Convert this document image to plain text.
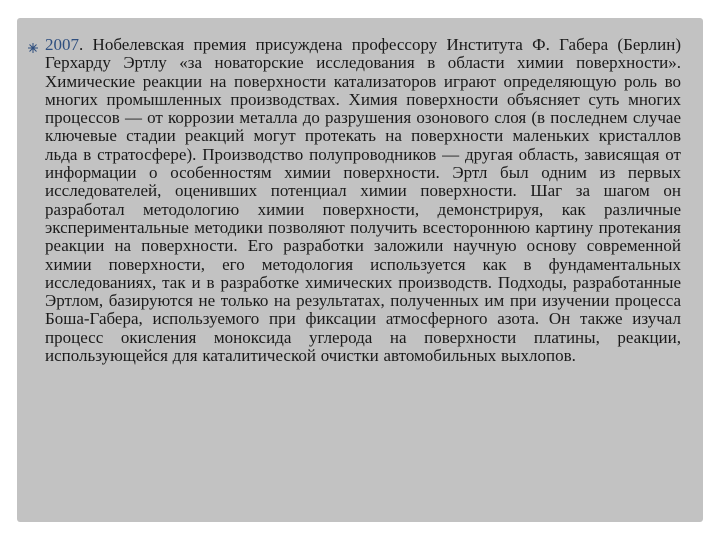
2007. Нобелевская премия присуждена профессору Института Ф. Габера (Берлин) Герхарду Эртлу «за новаторские исследования в области химии поверхности». Химические реакции на поверхности катализаторов играют определяющую роль во многих промышленных производствах. Химия поверхности объясняет суть многих процессов — от коррозии металла до разрушения озонового слоя (в последнем случае ключевые стадии реакций могут протекать на поверхности маленьких кристаллов льда в стратосфере). Производство полупроводников — другая область, зависящая от информации о особенностям химии поверхности. Эртл был одним из первых исследователей, оценивших потенциал химии поверхности. Шаг за шагом он разработал методологию химии поверхности, демонстрируя, как различные экспериментальные методики позволяют получить всестороннюю картину протекания реакции на поверхности. Его разработки заложили научную основу современной химии поверхности, его методология используется как в фундаментальных исследованиях, так и в разработке химических производств. Подходы, разработанные Эртлом, базируются не только на результатах, полученных им при изучении процесса Боша-Габера, используемого при фиксации атмосферного азота. Он также изучал процесс окисления моноксида углерода на поверхности платины, реакции, использующейся для каталитической очистки автомобильных выхлопов.
